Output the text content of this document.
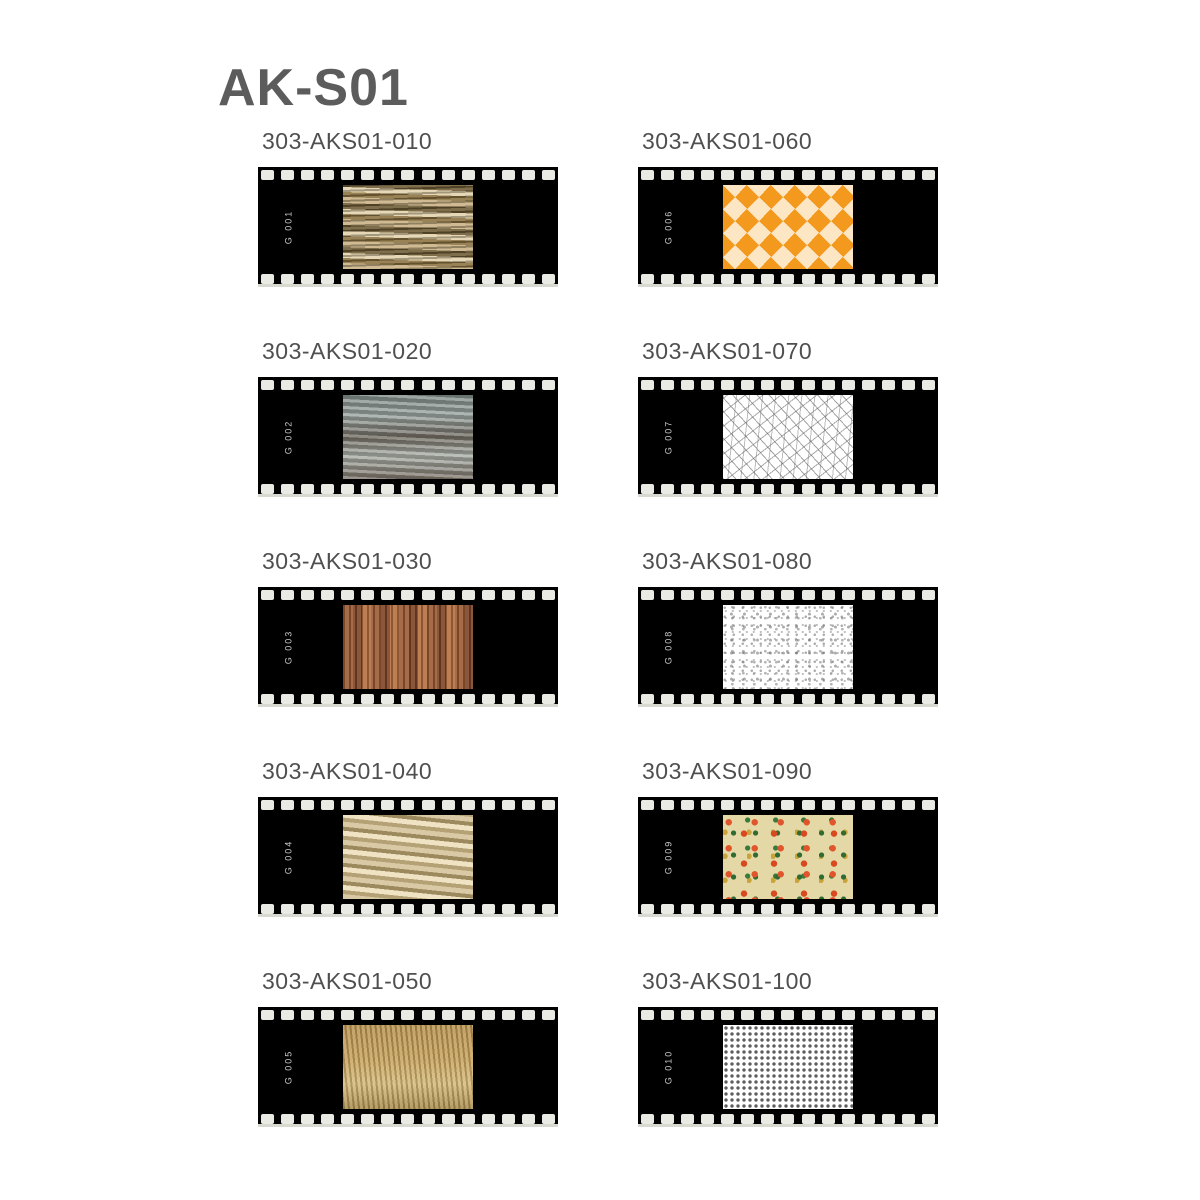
AK-S01
303-AKS01-010
G 001
303-AKS01-020
G 002
303-AKS01-030
G 003
303-AKS01-040
G 004
303-AKS01-050
G 005
303-AKS01-060
G 006
303-AKS01-070
G 007
303-AKS01-080
G 008
303-AKS01-090
G 009
303-AKS01-100
G 010
